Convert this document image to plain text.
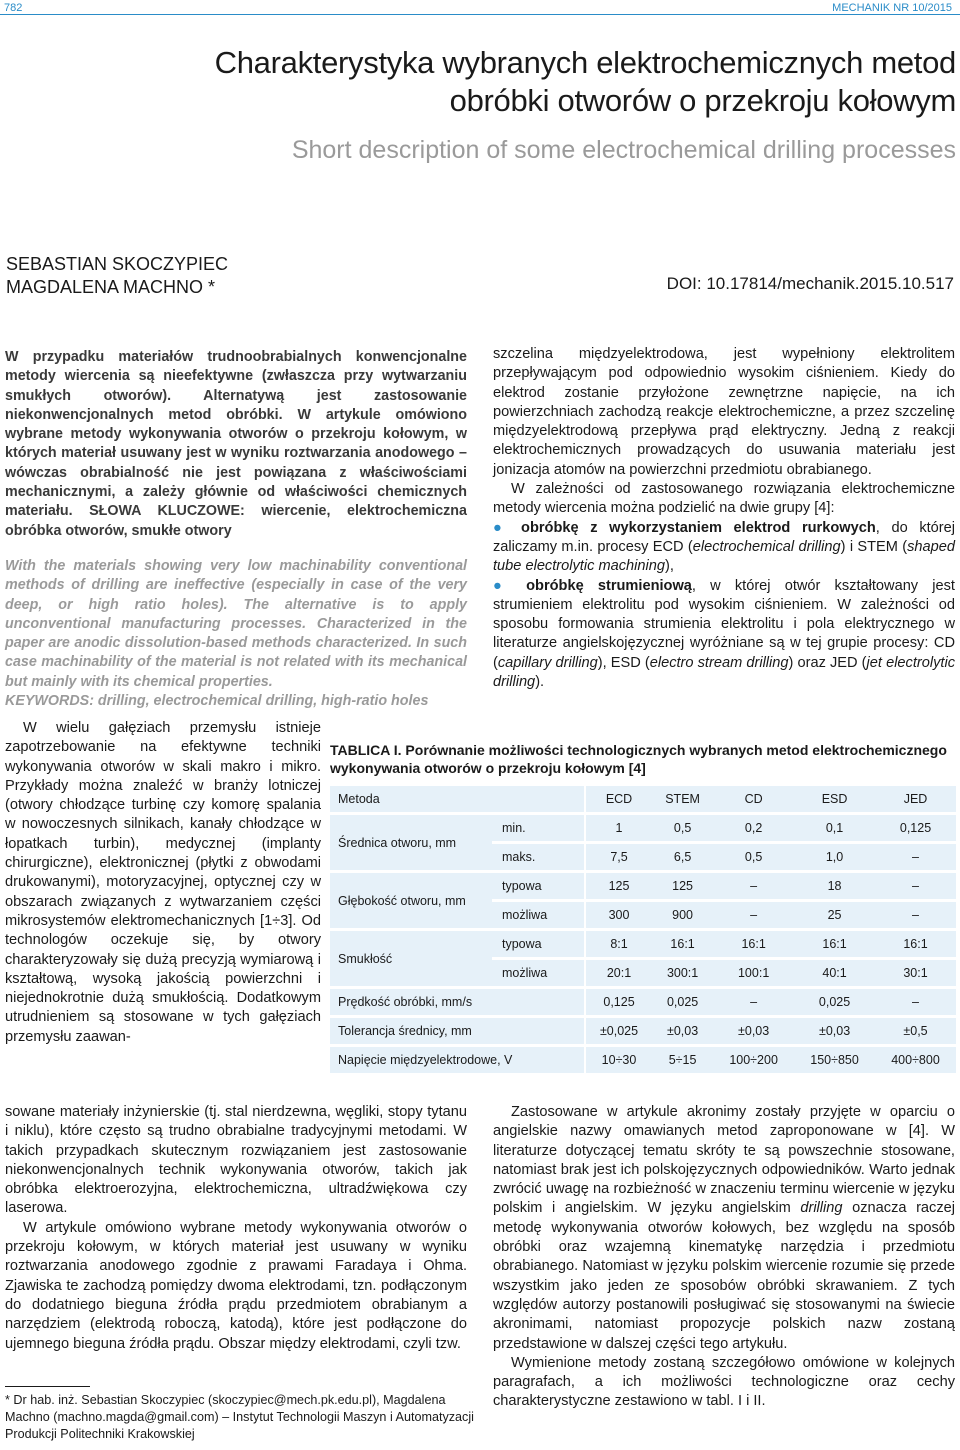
782	MECHANIK NR 10/2015
Charakterystyka wybranych elektrochemicznych metod
obróbki otworów o przekroju kołowym
Short description of some electrochemical drilling processes
SEBASTIAN SKOCZYPIEC
MAGDALENA MACHNO *	DOI: 10.17814/mechanik.2015.10.517

W przypadku materiałów trudnoobrabialnych konwencjonalne metody wiercenia są nieefektywne (zwłaszcza przy wytwarzaniu smukłych otworów). Alternatywą jest zastosowanie niekonwencjonalnych metod obróbki. W artykule omówiono wybrane metody wykonywania otworów o przekroju kołowym, w których materiał usuwany jest w wyniku roztwarzania anodowego – wówczas obrabialność nie jest powiązana z właściwościami mechanicznymi, a zależy głównie od właściwości chemicznych materiału. SŁOWA KLUCZOWE: wiercenie, elektrochemiczna obróbka otworów, smukłe otwory

With the materials showing very low machinability conventional methods of drilling are ineffective (especially in case of the very deep, or high ratio holes). The alternative is to apply unconventional manufacturing processes. Characterized in the paper are anodic dissolution-based methods characterized. In such case machinability of the material is not related with its mechanical but mainly with its chemical properties.

KEYWORDS: drilling, electrochemical drilling, high-ratio holes

szczelina międzyelektrodowa, jest wypełniony elektrolitem przepływającym pod odpowiednio wysokim ciśnieniem. Kiedy do elektrod zostanie przyłożone zewnętrzne napięcie, na ich powierzchniach zachodzą reakcje elektrochemiczne, a przez szczelinę międzyelektrodową przepływa prąd elektryczny. Jedną z reakcji elektrochemicznych prowadzących do usuwania materiału jest jonizacja atomów na powierzchni przedmiotu obrabianego.

W zależności od zastosowanego rozwiązania elektrochemiczne metody wiercenia można podzielić na dwie grupy [4]:

● obróbkę z wykorzystaniem elektrod rurkowych, do której zaliczamy m.in. procesy ECD (electrochemical drilling) i STEM (shaped tube electrolytic machining),

● obróbkę strumieniową, w której otwór kształtowany jest strumieniem elektrolitu pod wysokim ciśnieniem. W zależności od sposobu formowania strumienia elektrolitu i pola elektrycznego w literaturze angielskojęzycznej wyróżniane są w tej grupie procesy: CD (capillary drilling), ESD (electro stream drilling) oraz JED (jet electrolytic drilling).

W wielu gałęziach przemysłu istnieje zapotrzebowanie na efektywne techniki wykonywania otworów w skali makro i mikro. Przykłady można znaleźć w branży lotniczej (otwory chłodzące turbinę czy komorę spalania w nowoczesnych silnikach, kanały chłodzące w łopatkach turbin), medycznej (implanty chirurgiczne), elektronicznej (płytki z obwodami drukowanymi), motoryzacyjnej, optycznej czy w obszarach związanych z wytwarzaniem części mikrosystemów elektromechanicznych [1÷3]. Od technologów oczekuje się, by otwory charakteryzowały się dużą precyzją wymiarową i kształtową, wysoką jakością powierzchni i niejednokrotnie dużą smukłością. Dodatkowym utrudnieniem są stosowane w tych gałęziach przemysłu zaawan-

TABLICA I. Porównanie możliwości technologicznych wybranych metod elektrochemicznego wykonywania otworów o przekroju kołowym [4]
Metoda			ECD	STEM	CD	ESD	JED
Średnica otworu, mm	min.		1	0,5	0,2	0,1	0,125
	maks.		7,5	6,5	0,5	1,0	–
Głębokość otworu, mm	typowa		125	125	–	18	–
	możliwa		300	900	–	25	–
Smukłość	typowa		8:1	16:1	16:1	16:1	16:1
	możliwa		20:1	300:1	100:1	40:1	30:1
Prędkość obróbki, mm/s			0,125	0,025	–	0,025	–
Tolerancja średnicy, mm			±0,025	±0,03	±0,03	±0,03	±0,5
Napięcie międzyelektrodowe, V			10÷30	5÷15	100÷200	150÷850	400÷800

sowane materiały inżynierskie (tj. stal nierdzewna, węgliki, stopy tytanu i niklu), które często są trudno obrabialne tradycyjnymi metodami. W takich przypadkach skutecznym rozwiązaniem jest zastosowanie niekonwencjonalnych technik wykonywania otworów, takich jak obróbka elektroerozyjna, elektrochemiczna, ultradźwiękowa czy laserowa.

W artykule omówiono wybrane metody wykonywania otworów o przekroju kołowym, w których materiał jest usuwany w wyniku roztwarzania anodowego zgodnie z prawami Faradaya i Ohma. Zjawiska te zachodzą pomiędzy dwoma elektrodami, tzn. podłączonym do dodatniego bieguna źródła prądu przedmiotem obrabianym a narzędziem (elektrodą roboczą, katodą), które jest podłączone do ujemnego bieguna źródła prądu. Obszar między elektrodami, czyli tzw.

Zastosowane w artykule akronimy zostały przyjęte w oparciu o angielskie nazwy omawianych metod zaproponowane w [4]. W literaturze dotyczącej tematu skróty te są powszechnie stosowane, natomiast brak jest ich polskojęzycznych odpowiedników. Warto jednak zwrócić uwagę na rozbieżność w znaczeniu terminu wiercenie w języku polskim i angielskim. W języku angielskim drilling oznacza raczej metodę wykonywania otworów kołowych, bez względu na sposób obróbki oraz wzajemną kinematykę narzędzia i przedmiotu obrabianego. Natomiast w języku polskim wiercenie rozumie się przede wszystkim jako jeden ze sposobów obróbki skrawaniem. Z tych względów autorzy postanowili posługiwać się stosowanymi na świecie akronimami, natomiast propozycje polskich nazw zostaną przedstawione w dalszej części tego artykułu.

Wymienione metody zostaną szczegółowo omówione w kolejnych paragrafach, a ich możliwości technologiczne oraz cechy charakterystyczne zestawiono w tabl. I i II.

* Dr hab. inż. Sebastian Skoczypiec (skoczypiec@mech.pk.edu.pl), Magdalena Machno (machno.magda@gmail.com) – Instytut Technologii Maszyn i Automatyzacji Produkcji Politechniki Krakowskiej
